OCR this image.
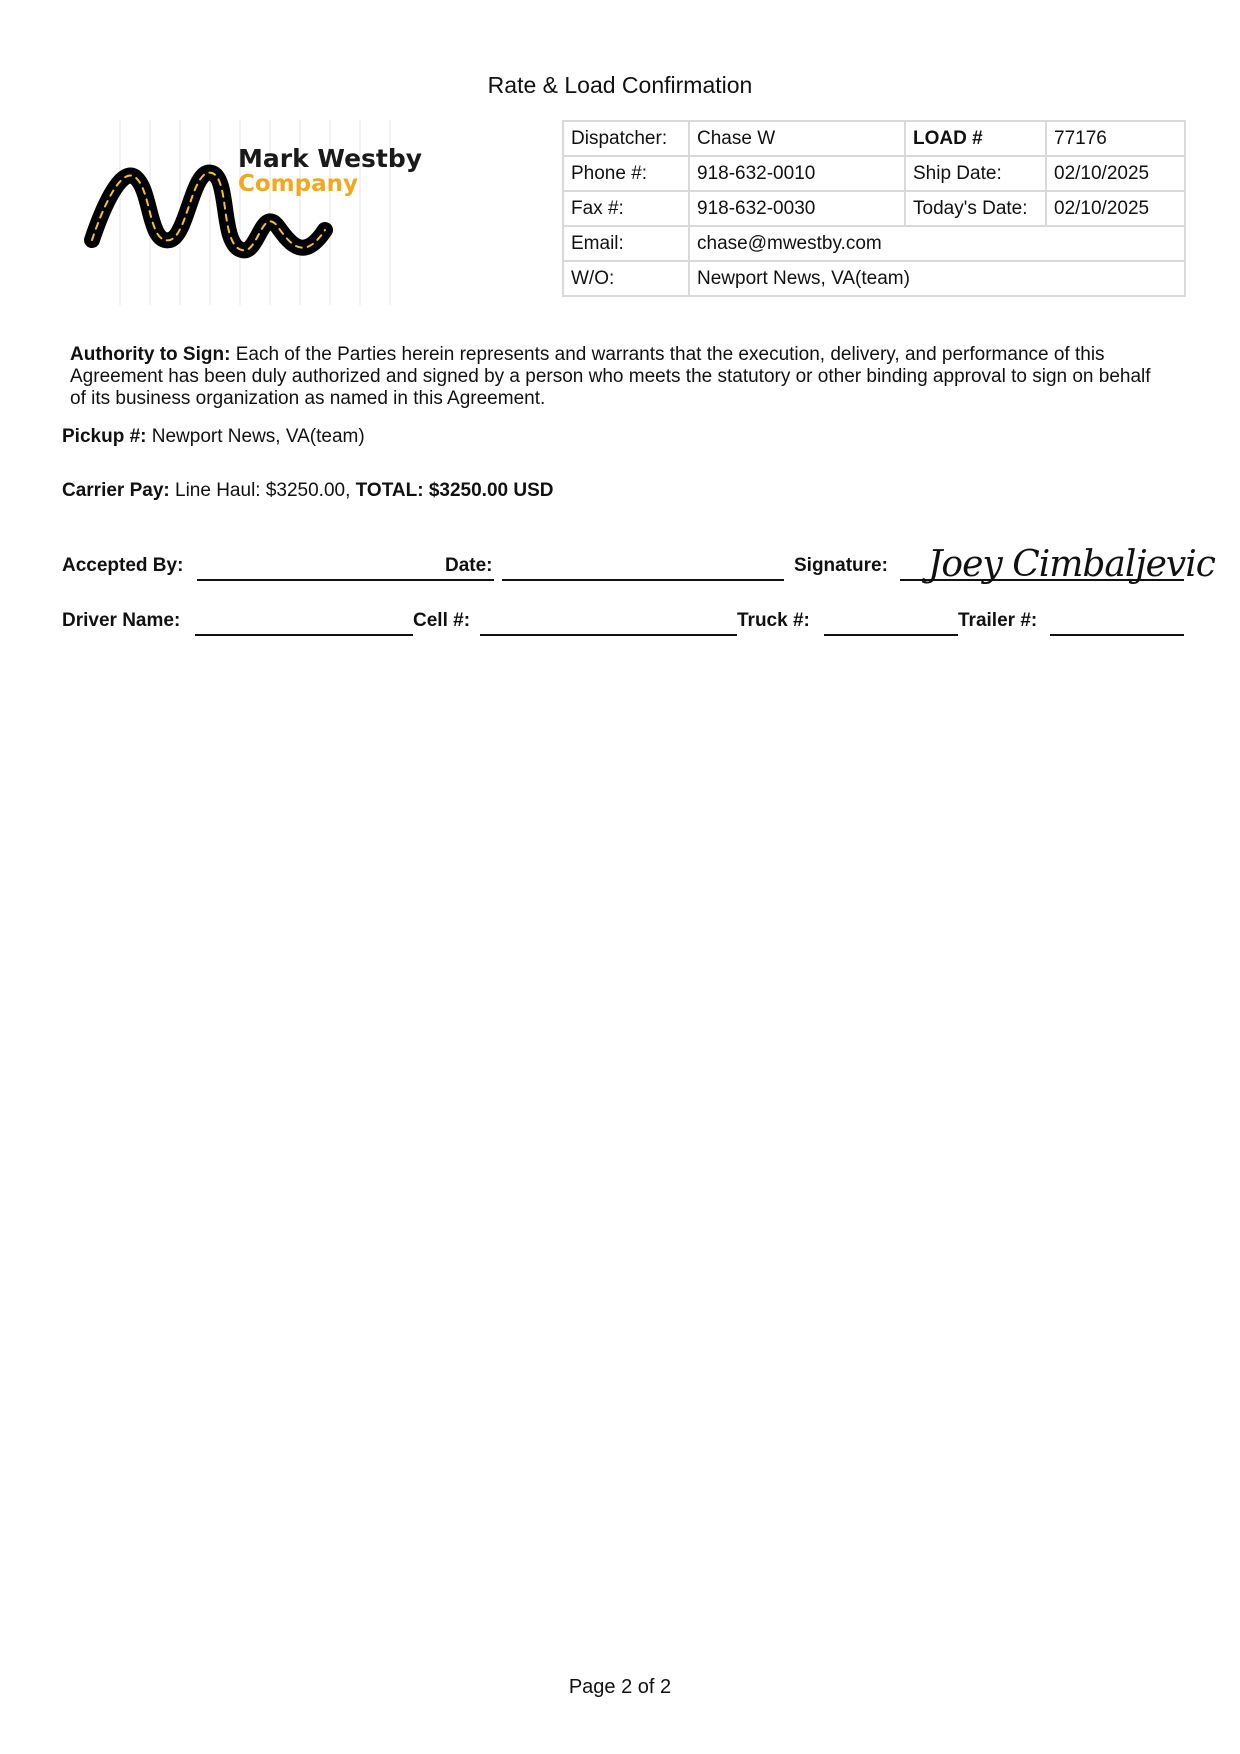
Rate & Load Confirmation
Mark Westby
Company
Dispatcher:	Chase W	LOAD #	77176
Phone #:	918-632-0010	Ship Date:	02/10/2025
Fax #:	918-632-0030	Today's Date:	02/10/2025
Email:	chase@mwestby.com		
W/O:	Newport News, VA(team)		
Authority to Sign: Each of the Parties herein represents and warrants that the execution, delivery, and performance of this Agreement has been duly authorized and signed by a person who meets the statutory or other binding approval to sign on behalf of its business organization as named in this Agreement.
Pickup #: Newport News, VA(team)
Carrier Pay: Line Haul: $3250.00, TOTAL: $3250.00 USD
Accepted By:	Date:	Signature: Joey Cimbaljevic
Driver Name:	Cell #:	Truck #:	Trailer #:
Page 2 of 2
